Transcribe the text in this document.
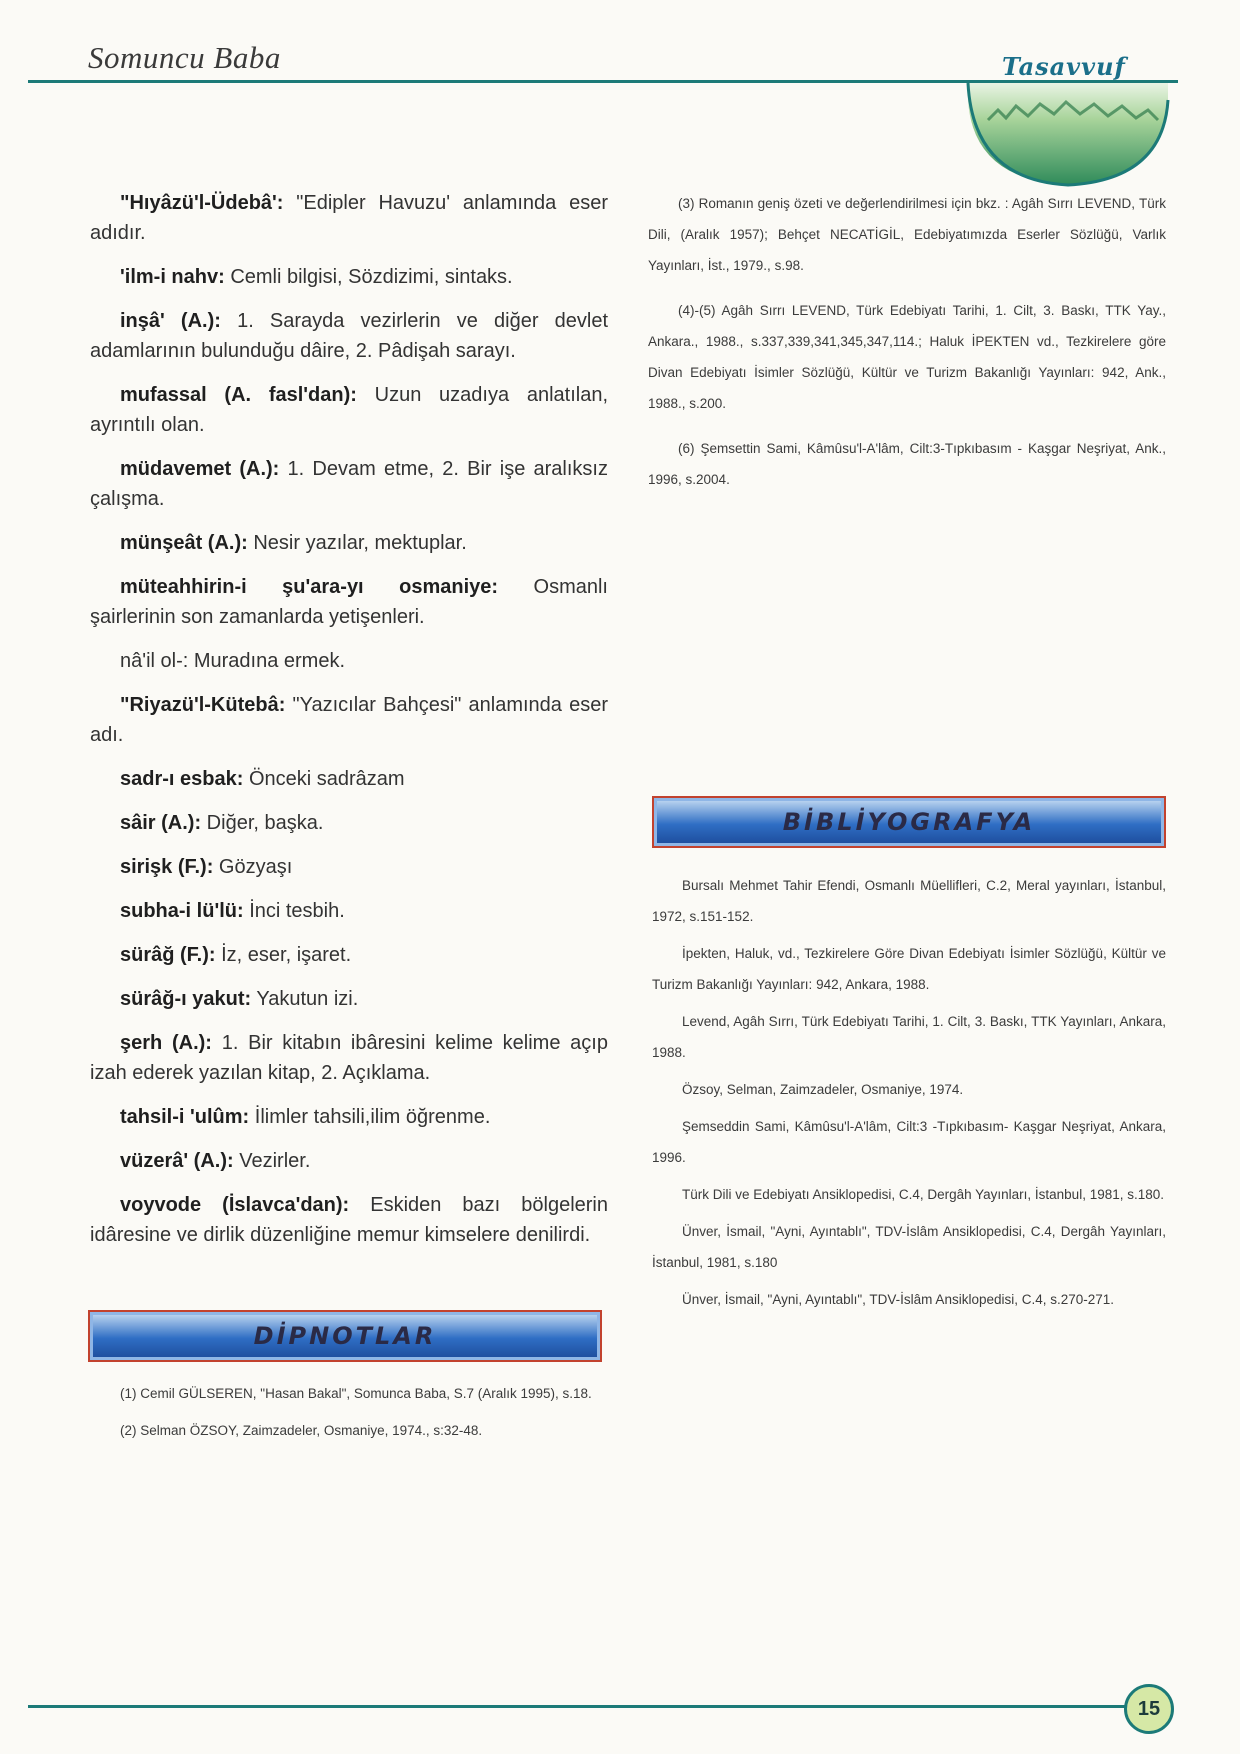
Somuncu Baba	Tasavvuf

"Hıyâzü'l-Üdebâ': "Edipler Havuzu' anlamında eser adıdır.

'ilm-i nahv: Cemli bilgisi, Sözdizimi, sintaks.

inşâ' (A.): 1. Sarayda vezirlerin ve diğer devlet adamlarının bulunduğu dâire, 2. Pâdişah sarayı.

mufassal (A. fasl'dan): Uzun uzadıya anlatılan, ayrıntılı olan.

müdavemet (A.): 1. Devam etme, 2. Bir işe aralıksız çalışma.

münşeât (A.): Nesir yazılar, mektuplar.

müteahhirin-i şu'ara-yı osmaniye: Osmanlı şairlerinin son zamanlarda yetişenleri.

nâ'il ol-: Muradına ermek.

"Riyazü'l-Kütebâ: "Yazıcılar Bahçesi" anlamında eser adı.

sadr-ı esbak: Önceki sadrâzam

sâir (A.): Diğer, başka.

sirişk (F.): Gözyaşı

subha-i lü'lü: İnci tesbih.

sürâğ (F.): İz, eser, işaret.

sürâğ-ı yakut: Yakutun izi.

şerh (A.): 1. Bir kitabın ibâresini kelime kelime açıp izah ederek yazılan kitap, 2. Açıklama.

tahsil-i 'ulûm: İlimler tahsili,ilim öğrenme.

vüzerâ' (A.): Vezirler.

voyvode (İslavca'dan): Eskiden bazı bölgelerin idâresine ve dirlik düzenliğine memur kimselere denilirdi.

DİPNOTLAR

(1) Cemil GÜLSEREN, "Hasan Bakal", Somunca Baba, S.7 (Aralık 1995), s.18.

(2) Selman ÖZSOY, Zaimzadeler, Osmaniye, 1974., s:32-48.

(3) Romanın geniş özeti ve değerlendirilmesi için bkz. : Agâh Sırrı LEVEND, Türk Dili, (Aralık 1957); Behçet NECATİGİL, Edebiyatımızda Eserler Sözlüğü, Varlık Yayınları, İst., 1979., s.98.

(4)-(5) Agâh Sırrı LEVEND, Türk Edebiyatı Tarihi, 1. Cilt, 3. Baskı, TTK Yay., Ankara., 1988., s.337,339,341,345,347,114.; Haluk İPEKTEN vd., Tezkirelere göre Divan Edebiyatı İsimler Sözlüğü, Kültür ve Turizm Bakanlığı Yayınları: 942, Ank., 1988., s.200.

(6) Şemsettin Sami, Kâmûsu'l-A'lâm, Cilt:3-Tıpkıbasım - Kaşgar Neşriyat, Ank., 1996, s.2004.

BİBLİYOGRAFYA

Bursalı Mehmet Tahir Efendi, Osmanlı Müellifleri, C.2, Meral yayınları, İstanbul, 1972, s.151-152.

İpekten, Haluk, vd., Tezkirelere Göre Divan Edebiyatı İsimler Sözlüğü, Kültür ve Turizm Bakanlığı Yayınları: 942, Ankara, 1988.

Levend, Agâh Sırrı, Türk Edebiyatı Tarihi, 1. Cilt, 3. Baskı, TTK Yayınları, Ankara, 1988.

Özsoy, Selman, Zaimzadeler, Osmaniye, 1974.

Şemseddin Sami, Kâmûsu'l-A'lâm, Cilt:3 -Tıpkıbasım- Kaşgar Neşriyat, Ankara, 1996.

Türk Dili ve Edebiyatı Ansiklopedisi, C.4, Dergâh Yayınları, İstanbul, 1981, s.180.

Ünver, İsmail, "Ayni, Ayıntablı", TDV-İslâm Ansiklopedisi, C.4, Dergâh Yayınları, İstanbul, 1981, s.180

Ünver, İsmail, "Ayni, Ayıntablı", TDV-İslâm Ansiklopedisi, C.4, s.270-271.

15
